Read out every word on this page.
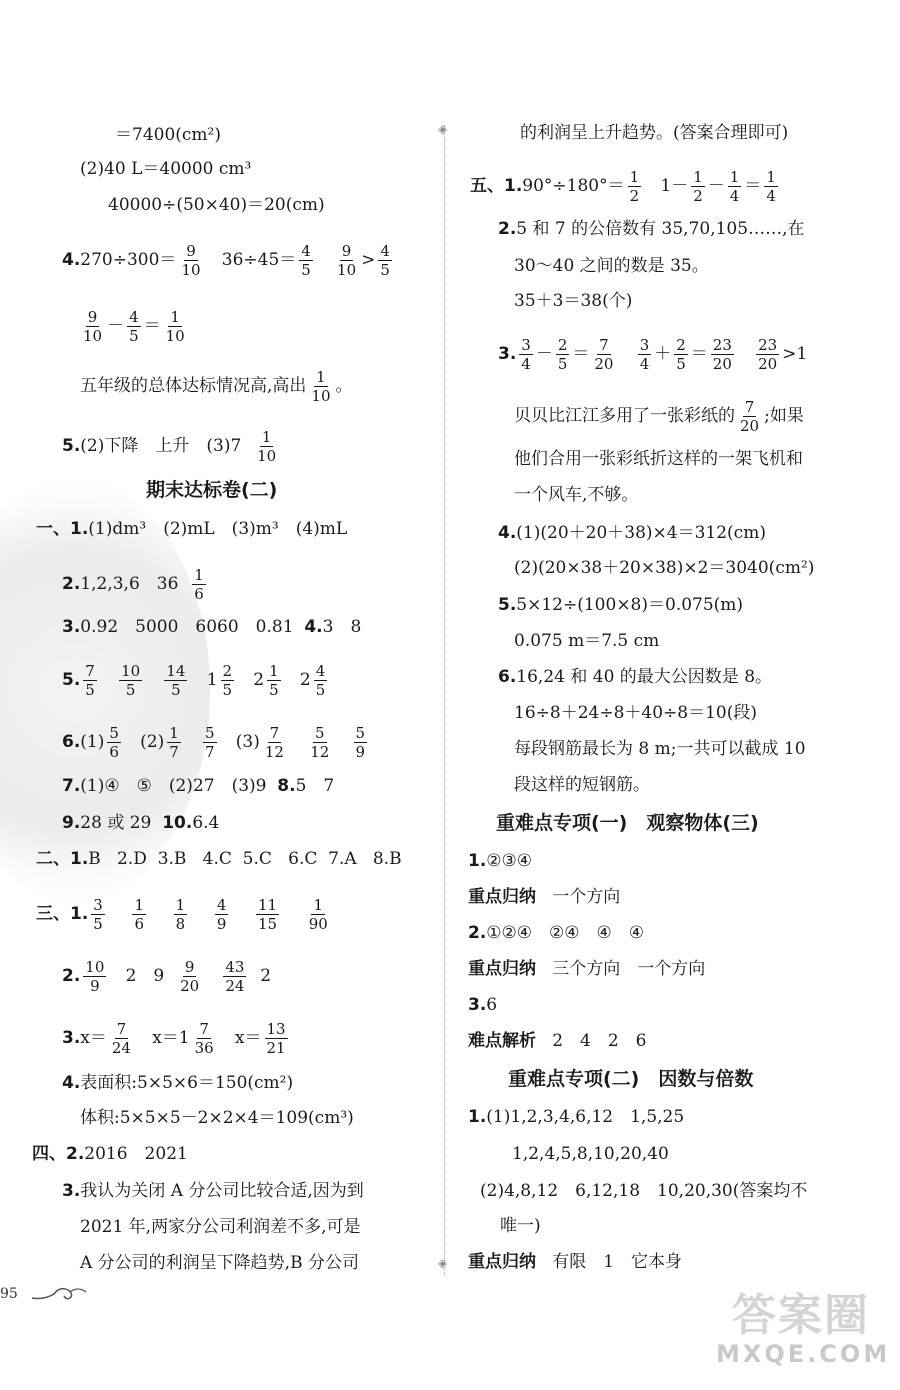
◈
◈
＝7400(cm²)
(2)40 L＝40000 cm³
40000÷(50×40)＝20(cm)
$4.270\div 300= \frac{9}{10} 36\div 45= \frac{4}{5}$
$\frac{9}{10} > \frac{4}{5}$
$\frac{9}{10} - \frac{4}{5} = \frac{1}{10}$
五年级的总体达标情况高,高出 $\frac{1}{10}$ 。
5.(2)下降　上升　$(3)7 \frac{1}{10}$
期末达标卷(二)
一、1.(1)dm³　(2)mL　(3)m³　(4)mL
2.1,2,3,6　$36 \frac{1}{6}$
3.0.92　5000　6060　0.81 4.3　8
5. $\frac{7}{5}$
$\frac{10}{5}$
$\frac{14}{5} 1 \frac{2}{5} 2 \frac{1}{5} 2 \frac{4}{5}$
$6.(1) \frac{5}{6} (2) \frac{1}{7}$
$\frac{5}{7} (3) \frac{7}{12}$
$\frac{5}{12}$
$\frac{5}{9}$
7.(1)④　⑤　(2)27　(3)9 8.5　7
9.28 或 29 10.6.4
二、1.B 2.D 3.B 4.C 5.C 6.C 7.A 8.B
三、1. $\frac{3}{5}$
$\frac{1}{6}$
$\frac{1}{8}$
$\frac{4}{9}$
$\frac{11}{15}$
$\frac{1}{90}$
2. $\frac{10}{9} 2$　$9 \frac{9}{20}$
$\frac{43}{24} 2$
$3.x= \frac{7}{24} x=1 \frac{7}{36} x= \frac{13}{21}$
4.表面积:5×5×6＝150(cm²)
体积:5×5×5－2×2×4＝109(cm³)
四、2.2016　2021
3.我认为关闭 A 分公司比较合适,因为到
2021 年,两家分公司利润差不多,可是
A 分公司的利润呈下降趋势,B 分公司
95
的利润呈上升趋势。(答案合理即可)
五、$1.90^\circ\div 180^\circ= \frac{1}{2} 1- \frac{1}{2} - \frac{1}{4} = \frac{1}{4}$
2.5 和 7 的公倍数有 35,70,105……,在
30～40 之间的数是 35。
35＋3＝38(个)
3. $\frac{3}{4} - \frac{2}{5} = \frac{7}{20}$
$\frac{3}{4} + \frac{2}{5} = \frac{23}{20}$
$\frac{23}{20} >1$
贝贝比江江多用了一张彩纸的 $\frac{7}{20}$ ;如果
他们合用一张彩纸折这样的一架飞机和
一个风车,不够。
4.(1)(20＋20＋38)×4＝312(cm)
(2)(20×38＋20×38)×2＝3040(cm²)
5.5×12÷(100×8)＝0.075(m)
0.075 m＝7.5 cm
6.16,24 和 40 的最大公因数是 8。
16÷8＋24÷8＋40÷8＝10(段)
每段钢筋最长为 8 m;一共可以截成 10
段这样的短钢筋。
重难点专项(一)　观察物体(三)
1.②③④
重点归纳 一个方向
2.①②④　②④　④　④
重点归纳 三个方向　一个方向
3.6
难点解析 2　4　2　6
重难点专项(二)　因数与倍数
1.(1)1,2,3,4,6,12　1,5,25
1,2,4,5,8,10,20,40
(2)4,8,12　6,12,18　10,20,30(答案均不
唯一)
重点归纳 有限　1　它本身
答案圈
MXQE.COM
